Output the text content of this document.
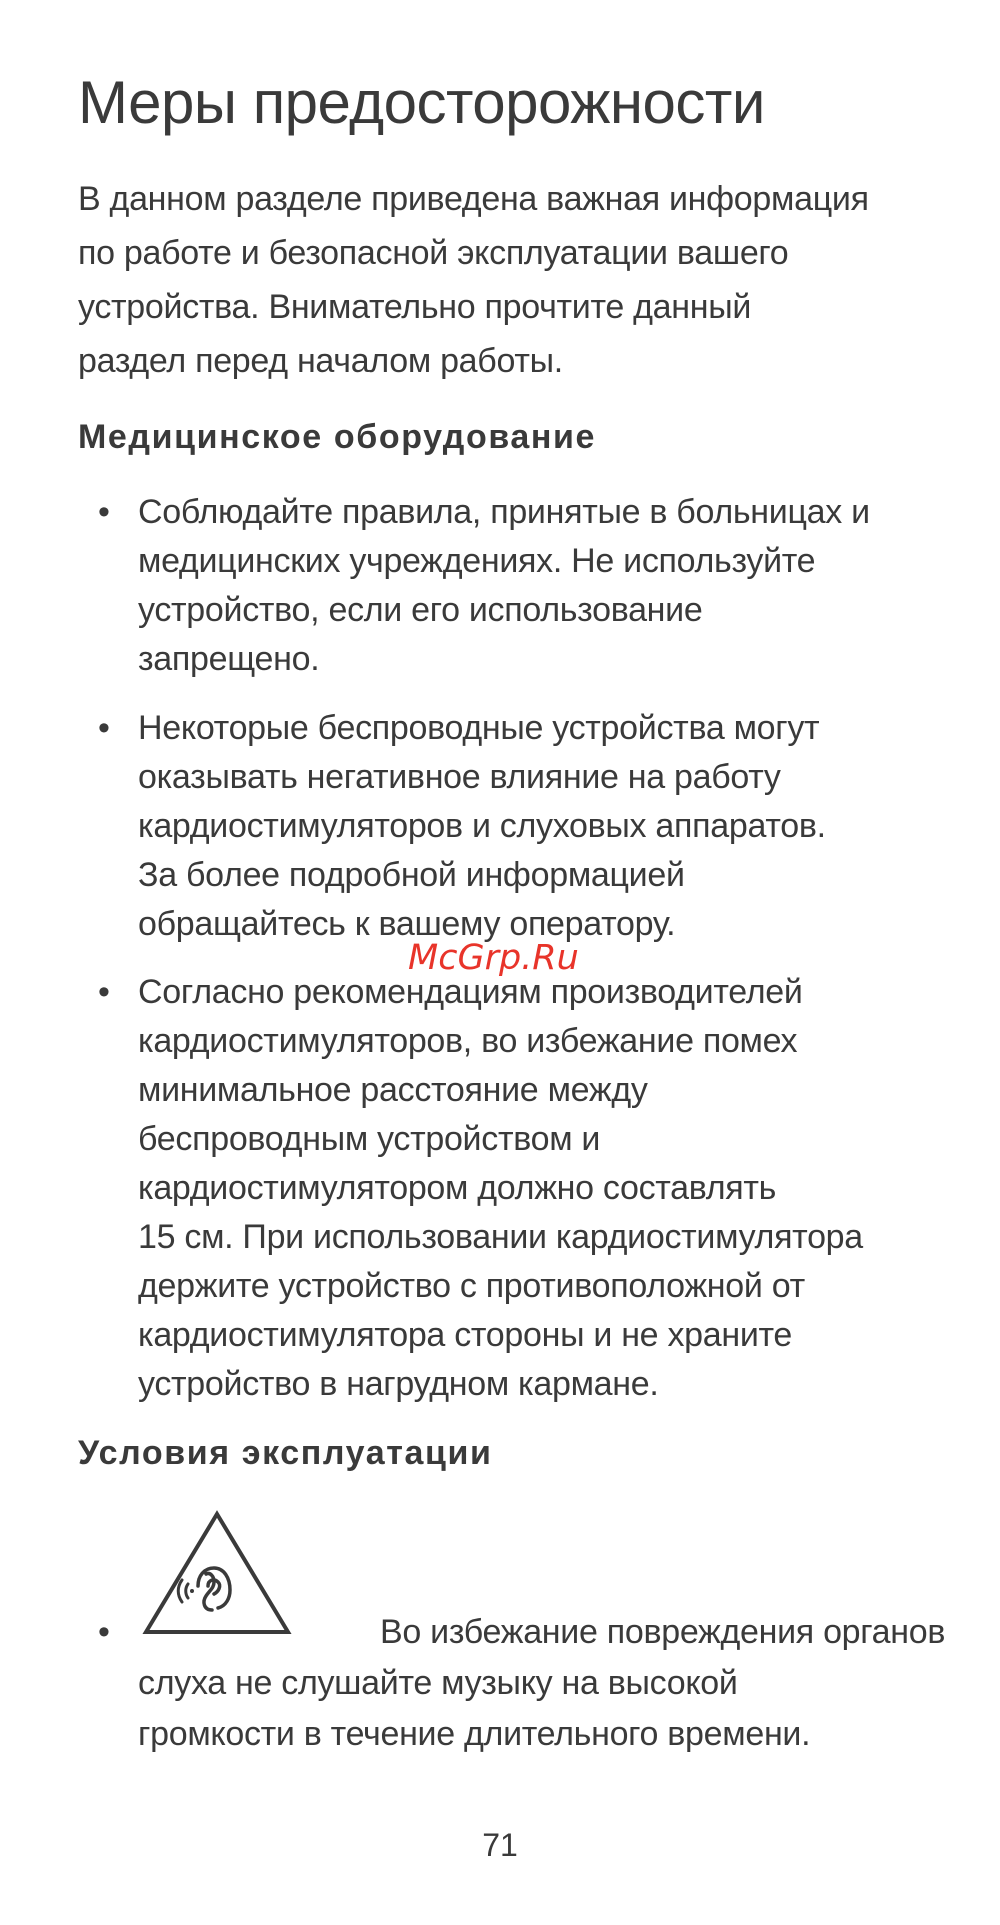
Меры предосторожности

В данном разделе приведена важная информация
по работе и безопасной эксплуатации вашего
устройства. Внимательно прочтите данный
раздел перед началом работы.

Медицинское оборудование
• Соблюдайте правила, принятые в больницах и
медицинских учреждениях. Не используйте
устройство, если его использование
запрещено.

• Некоторые беспроводные устройства могут
оказывать негативное влияние на работу
кардиостимуляторов и слуховых аппаратов.
За более подробной информацией
обращайтесь к вашему оператору.

• Согласно рекомендациям производителей
кардиостимуляторов, во избежание помех
минимальное расстояние между
беспроводным устройством и
кардиостимулятором должно составлять
15 см. При использовании кардиостимулятора
держите устройство с противоположной от
кардиостимулятора стороны и не храните
устройство в нагрудном кармане.

Условия эксплуатации
•	Во избежание повреждения органов
слуха не слушайте музыку на высокой
громкости в течение длительного времени.

McGrp.Ru
71
